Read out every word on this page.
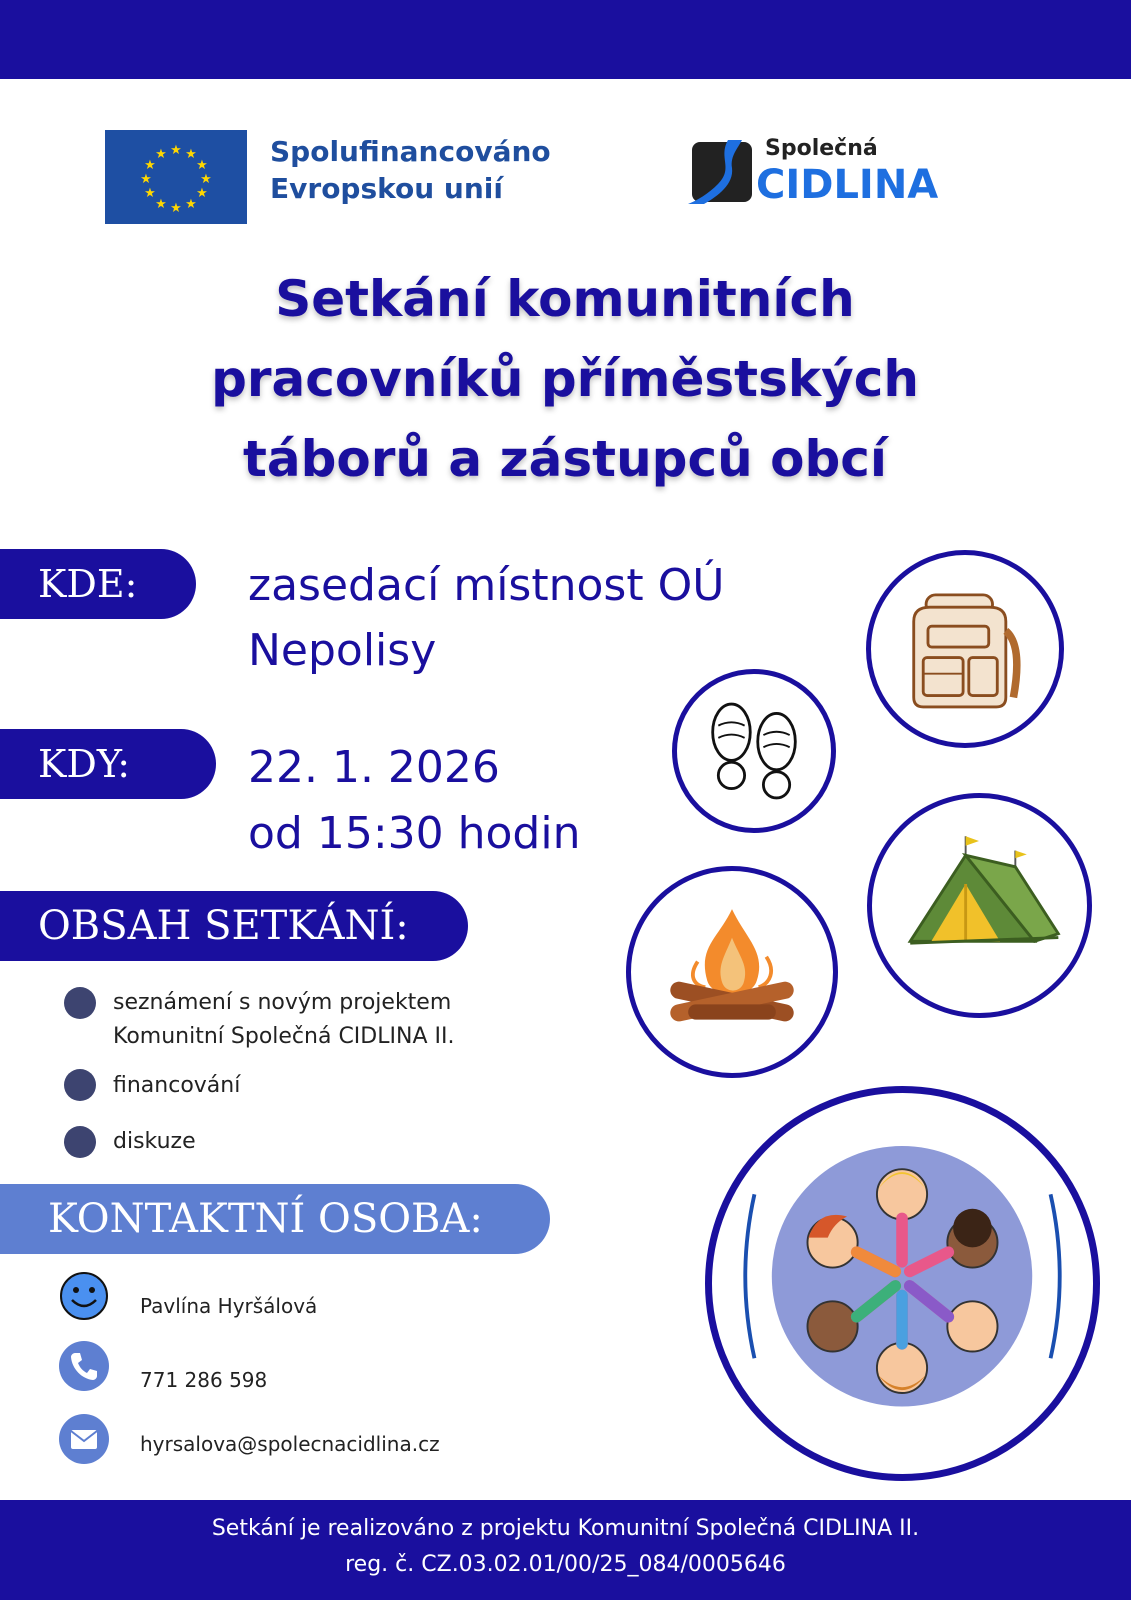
★ ★
★
★
★
★
★
★
★
★
★
★	Spolufinancováno
Evropskou unií
Společná
CIDLINA
Setkání komunitních
pracovníků příměstských
táborů a zástupců obcí
KDE:	zasedací místnost OÚ
Nepolisy
KDY:	22. 1. 2026
od 15:30 hodin
OBSAH SETKÁNÍ:
seznámení s novým projektem
Komunitní Společná CIDLINA II.
financování
diskuze
KONTAKTNÍ OSOBA:
Pavlína Hyršálová
771 286 598
hyrsalova@spolecnacidlina.cz
Setkání je realizováno z projektu Komunitní Společná CIDLINA II.
reg. č. CZ.03.02.01/00/25_084/0005646
